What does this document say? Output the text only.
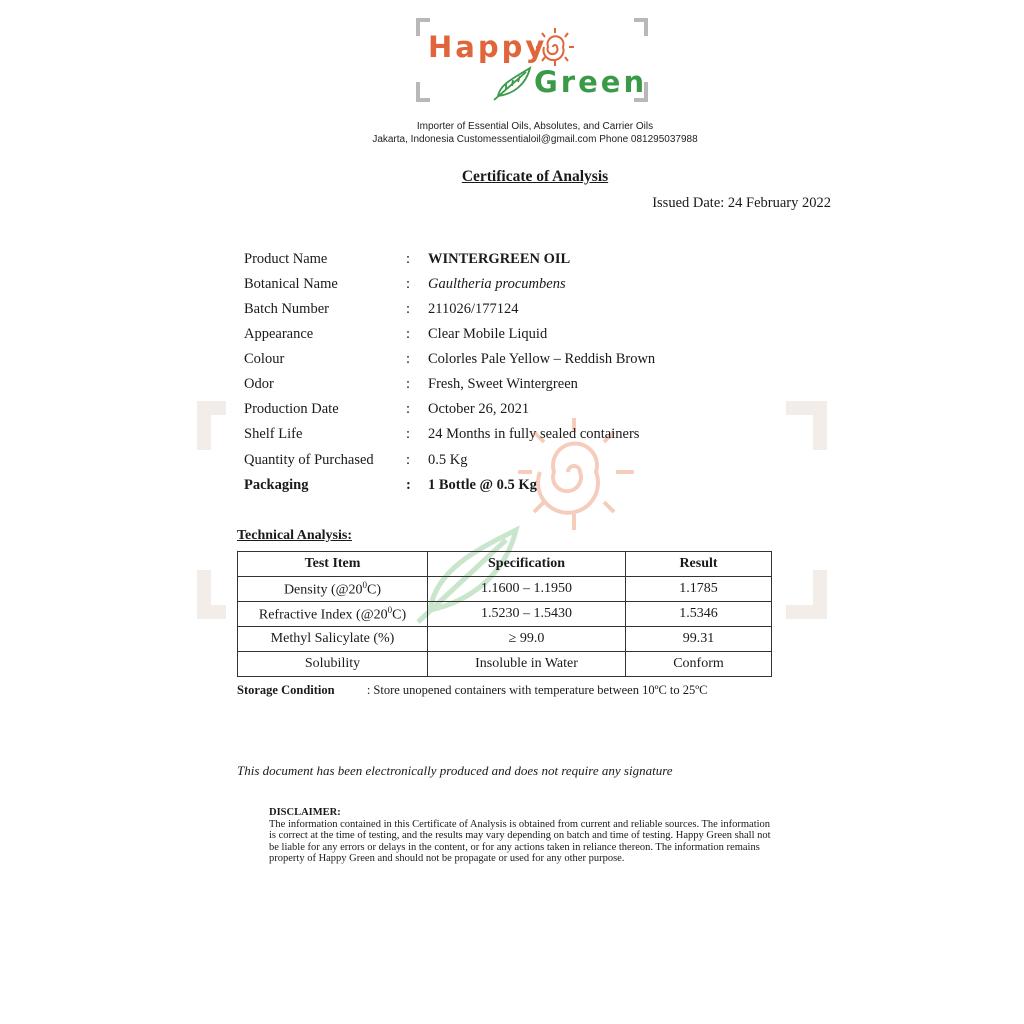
Happy
Green
Importer of Essential Oils, Absolutes, and Carrier Oils
Jakarta, Indonesia Customessentialoil@gmail.com Phone 081295037988
Certificate of Analysis
Issued Date: 24 February 2022
Product Name	: WINTERGREEN OIL
Botanical Name	: Gaultheria procumbens
Batch Number	: 211026/177124
Appearance	: Clear Mobile Liquid
Colour	: Colorles Pale Yellow – Reddish Brown
Odor	: Fresh, Sweet Wintergreen
Production Date	: October 26, 2021
Shelf Life	: 24 Months in fully sealed containers
Quantity of Purchased	: 0.5 Kg
Packaging	: 1 Bottle @ 0.5 Kg
Technical Analysis:
Test Item	Specification	Result
Density $(@20^0C)$	1.1600 – 1.1950	1.1785
Refractive Index $(@20^0C)$	1.5230 – 1.5430	1.5346
Methyl Salicylate (%)	≥ 99.0	99.31
Solubility	Insoluble in Water	Conform
Storage Condition	: Store unopened containers with temperature between 10ºC to 25ºC
This document has been electronically produced and does not require any signature
DISCLAIMER:
The information contained in this Certificate of Analysis is obtained from current and reliable sources. The information is correct at the time of testing, and the results may vary depending on batch and time of testing. Happy Green shall not be liable for any errors or delays in the content, or for any actions taken in reliance thereon. The information remains property of Happy Green and should not be propagate or used for any other purpose.
